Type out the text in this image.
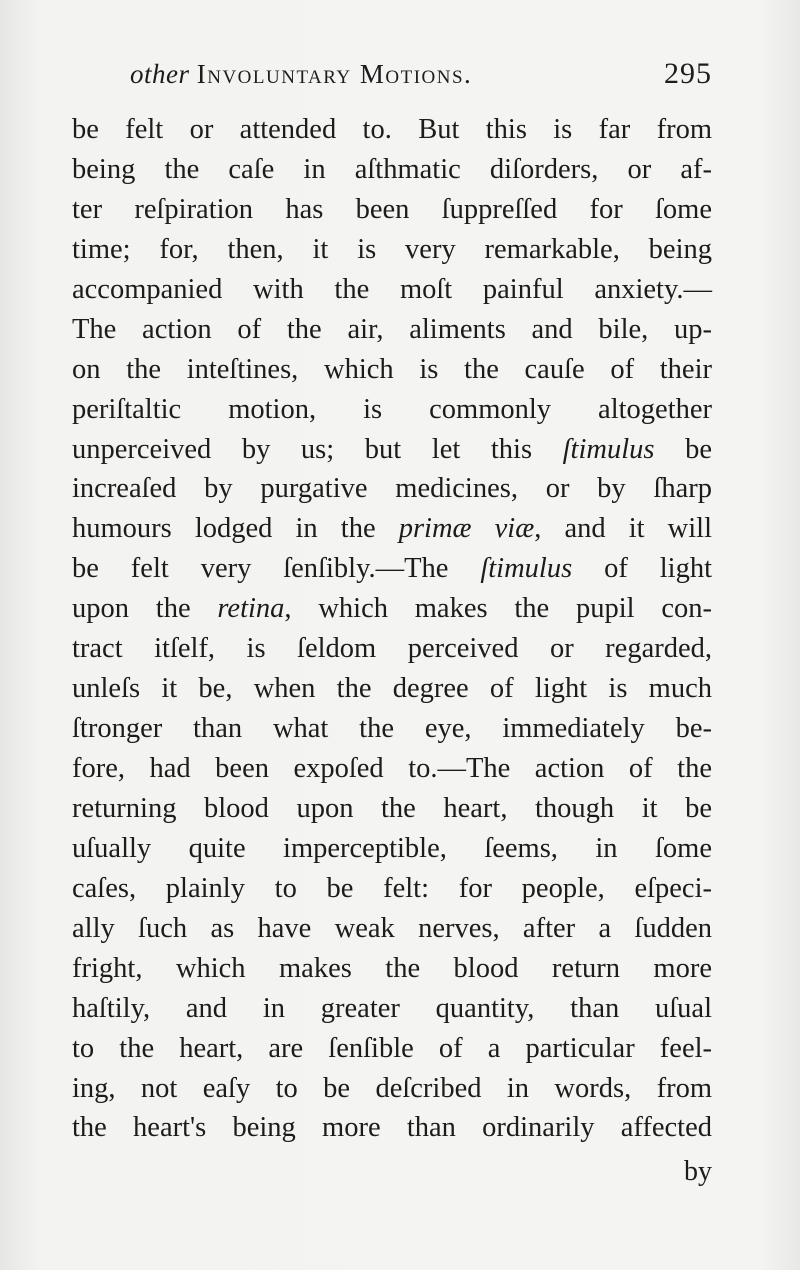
other Involuntary Motions.	295
be felt or attended to. But this is far from
being the caſe in aſthmatic diſorders, or af-
ter reſpiration has been ſuppreſſed for ſome
time; for, then, it is very remarkable, being
accompanied with the moſt painful anxiety.—
The action of the air, aliments and bile, up-
on the inteſtines, which is the cauſe of their
periſtaltic motion, is commonly altogether
unperceived by us; but let this ſtimulus be
increaſed by purgative medicines, or by ſharp
humours lodged in the primæ viæ, and it will
be felt very ſenſibly.—The ſtimulus of light
upon the retina, which makes the pupil con-
tract itſelf, is ſeldom perceived or regarded,
unleſs it be, when the degree of light is much
ſtronger than what the eye, immediately be-
fore, had been expoſed to.—The action of the
returning blood upon the heart, though it be
uſually quite imperceptible, ſeems, in ſome
caſes, plainly to be felt: for people, eſpeci-
ally ſuch as have weak nerves, after a ſudden
fright, which makes the blood return more
haſtily, and in greater quantity, than uſual
to the heart, are ſenſible of a particular feel-
ing, not eaſy to be deſcribed in words, from
the heart's being more than ordinarily affected
by
